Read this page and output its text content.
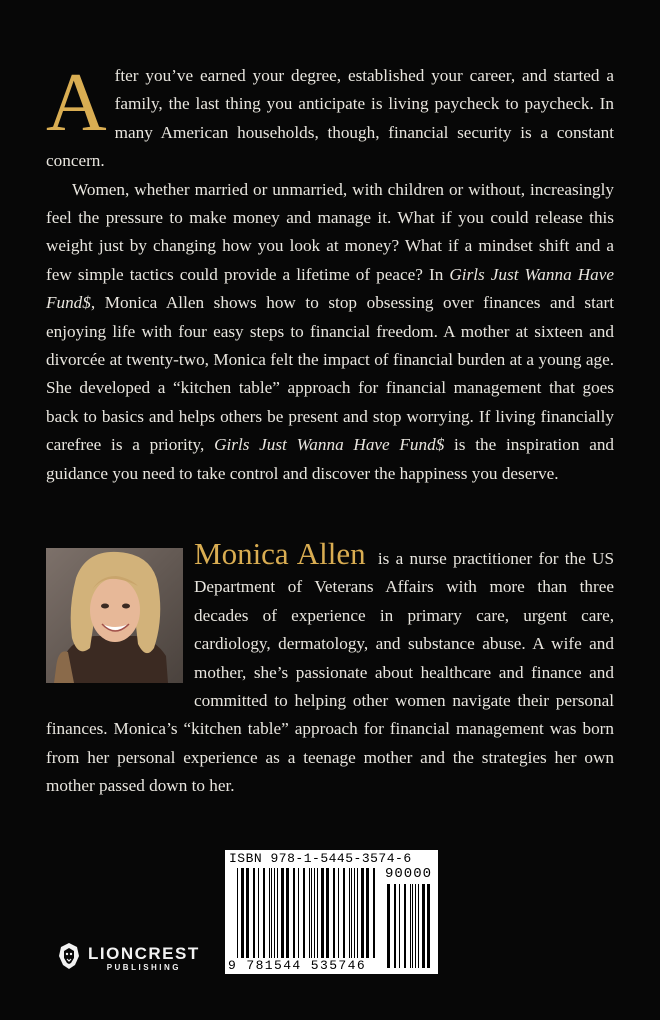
After you’ve earned your degree, established your career, and started a family, the last thing you anticipate is living paycheck to paycheck. In many American households, though, financial security is a constant concern.

Women, whether married or unmarried, with children or without, increasingly feel the pressure to make money and manage it. What if you could release this weight just by changing how you look at money? What if a mindset shift and a few simple tactics could provide a lifetime of peace? In Girls Just Wanna Have Fund$, Monica Allen shows how to stop obsessing over finances and start enjoying life with four easy steps to financial freedom. A mother at sixteen and divorcée at twenty-two, Monica felt the impact of financial burden at a young age. She developed a “kitchen table” approach for financial management that goes back to basics and helps others be present and stop worrying. If living financially carefree is a priority, Girls Just Wanna Have Fund$ is the inspiration and guidance you need to take control and discover the happiness you deserve.

Monica Allen is a nurse practitioner for the US Department of Veterans Affairs with more than three decades of experience in primary care, urgent care, cardiology, dermatology, and substance abuse. A wife and mother, she’s passionate about healthcare and finance and committed to helping other women navigate their personal finances. Monica’s “kitchen table” approach for financial management was born from her personal experience as a teenage mother and the strategies her own mother passed down to her.
LIONCREST
PUBLISHING
ISBN 978-1-5445-3574-6
90000
9 781544 535746
